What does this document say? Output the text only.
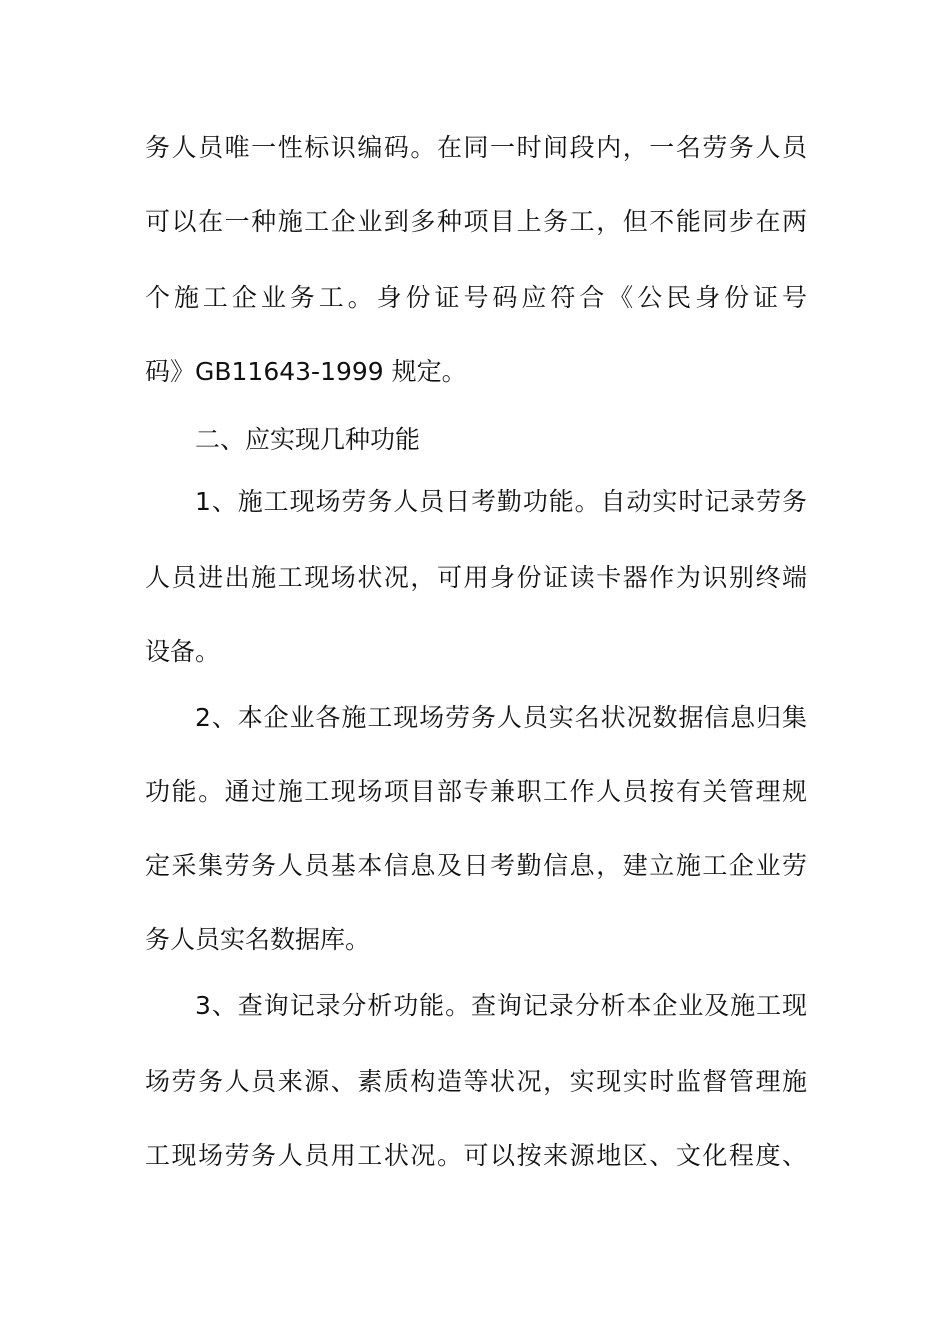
务人员唯一性标识编码。在同一时间段内，一名劳务人员
可以在一种施工企业到多种项目上务工，但不能同步在两
个施工企业务工。身份证号码应符合《公民身份证号
码》GB11643-1999 规定。
二、应实现几种功能
1、施工现场劳务人员日考勤功能。自动实时记录劳务
人员进出施工现场状况，可用身份证读卡器作为识别终端
设备。
2、本企业各施工现场劳务人员实名状况数据信息归集
功能。通过施工现场项目部专兼职工作人员按有关管理规
定采集劳务人员基本信息及日考勤信息，建立施工企业劳
务人员实名数据库。
3、查询记录分析功能。查询记录分析本企业及施工现
场劳务人员来源、素质构造等状况，实现实时监督管理施
工现场劳务人员用工状况。可以按来源地区、文化程度、
